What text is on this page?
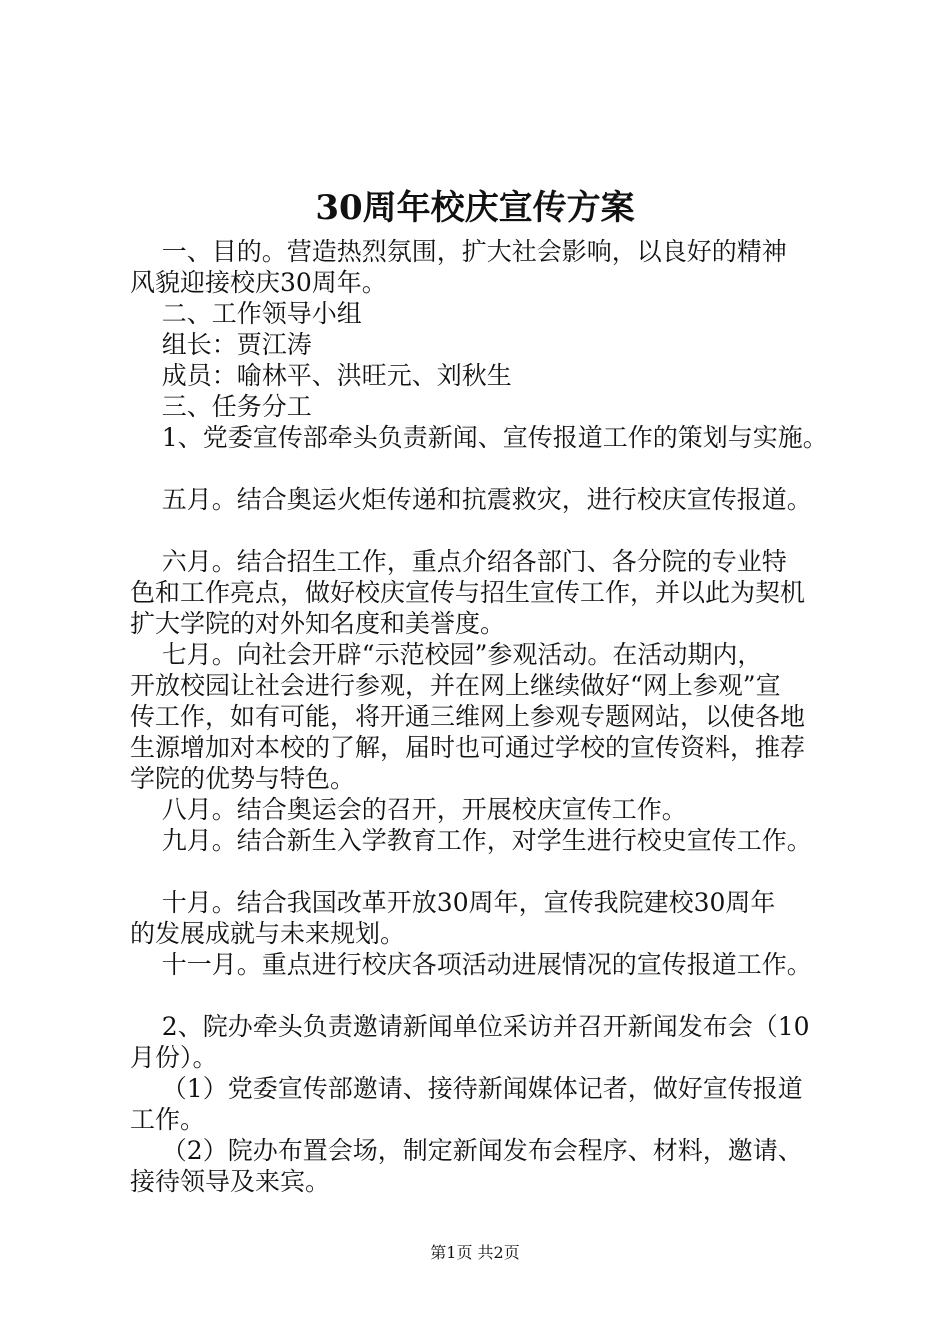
30周年校庆宣传方案

一、目的。营造热烈氛围，扩大社会影响，以良好的精神

风貌迎接校庆30周年。

二、工作领导小组

组长：贾江涛

成员：喻林平、洪旺元、刘秋生

三、任务分工

1、党委宣传部牵头负责新闻、宣传报道工作的策划与实施。

五月。结合奥运火炬传递和抗震救灾，进行校庆宣传报道。

六月。结合招生工作，重点介绍各部门、各分院的专业特

色和工作亮点，做好校庆宣传与招生宣传工作，并以此为契机

扩大学院的对外知名度和美誉度。

七月。向社会开辟“示范校园”参观活动。在活动期内，

开放校园让社会进行参观，并在网上继续做好“网上参观”宣

传工作，如有可能，将开通三维网上参观专题网站，以使各地

生源增加对本校的了解，届时也可通过学校的宣传资料，推荐

学院的优势与特色。

八月。结合奥运会的召开，开展校庆宣传工作。

九月。结合新生入学教育工作，对学生进行校史宣传工作。

十月。结合我国改革开放30周年，宣传我院建校30周年

的发展成就与未来规划。

十一月。重点进行校庆各项活动进展情况的宣传报道工作。

2、院办牵头负责邀请新闻单位采访并召开新闻发布会（10

月份）。

（1）党委宣传部邀请、接待新闻媒体记者，做好宣传报道

工作。

（2）院办布置会场，制定新闻发布会程序、材料，邀请、

接待领导及来宾。

第1页 共2页
